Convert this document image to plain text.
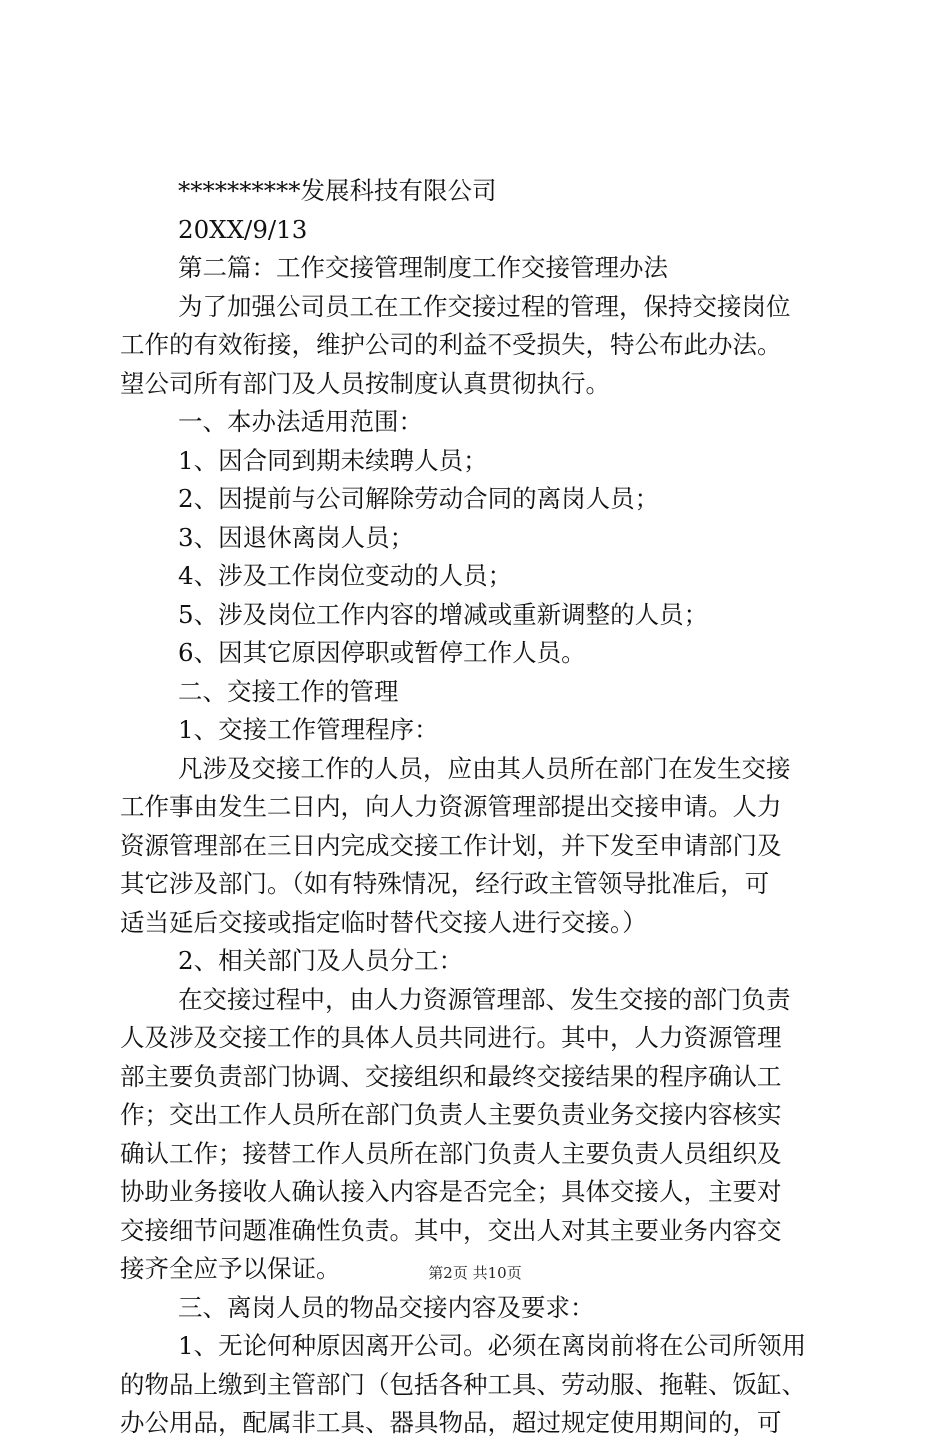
**********发展科技有限公司
20XX/9/13
第二篇：工作交接管理制度工作交接管理办法
为了加强公司员工在工作交接过程的管理，保持交接岗位
工作的有效衔接，维护公司的利益不受损失，特公布此办法。
望公司所有部门及人员按制度认真贯彻执行。
一、本办法适用范围：
1、因合同到期未续聘人员；
2、因提前与公司解除劳动合同的离岗人员；
3、因退休离岗人员；
4、涉及工作岗位变动的人员；
5、涉及岗位工作内容的增减或重新调整的人员；
6、因其它原因停职或暂停工作人员。
二、交接工作的管理
1、交接工作管理程序：
凡涉及交接工作的人员，应由其人员所在部门在发生交接
工作事由发生二日内，向人力资源管理部提出交接申请。人力
资源管理部在三日内完成交接工作计划，并下发至申请部门及
其它涉及部门。（如有特殊情况，经行政主管领导批准后，可
适当延后交接或指定临时替代交接人进行交接。）
2、相关部门及人员分工：
在交接过程中，由人力资源管理部、发生交接的部门负责
人及涉及交接工作的具体人员共同进行。其中，人力资源管理
部主要负责部门协调、交接组织和最终交接结果的程序确认工
作；交出工作人员所在部门负责人主要负责业务交接内容核实
确认工作；接替工作人员所在部门负责人主要负责人员组织及
协助业务接收人确认接入内容是否完全；具体交接人，主要对
交接细节问题准确性负责。其中，交出人对其主要业务内容交
接齐全应予以保证。
三、离岗人员的物品交接内容及要求：
1、无论何种原因离开公司。必须在离岗前将在公司所领用
的物品上缴到主管部门（包括各种工具、劳动服、拖鞋、饭缸、
办公用品，配属非工具、器具物品，超过规定使用期间的，可
第2页 共10页
